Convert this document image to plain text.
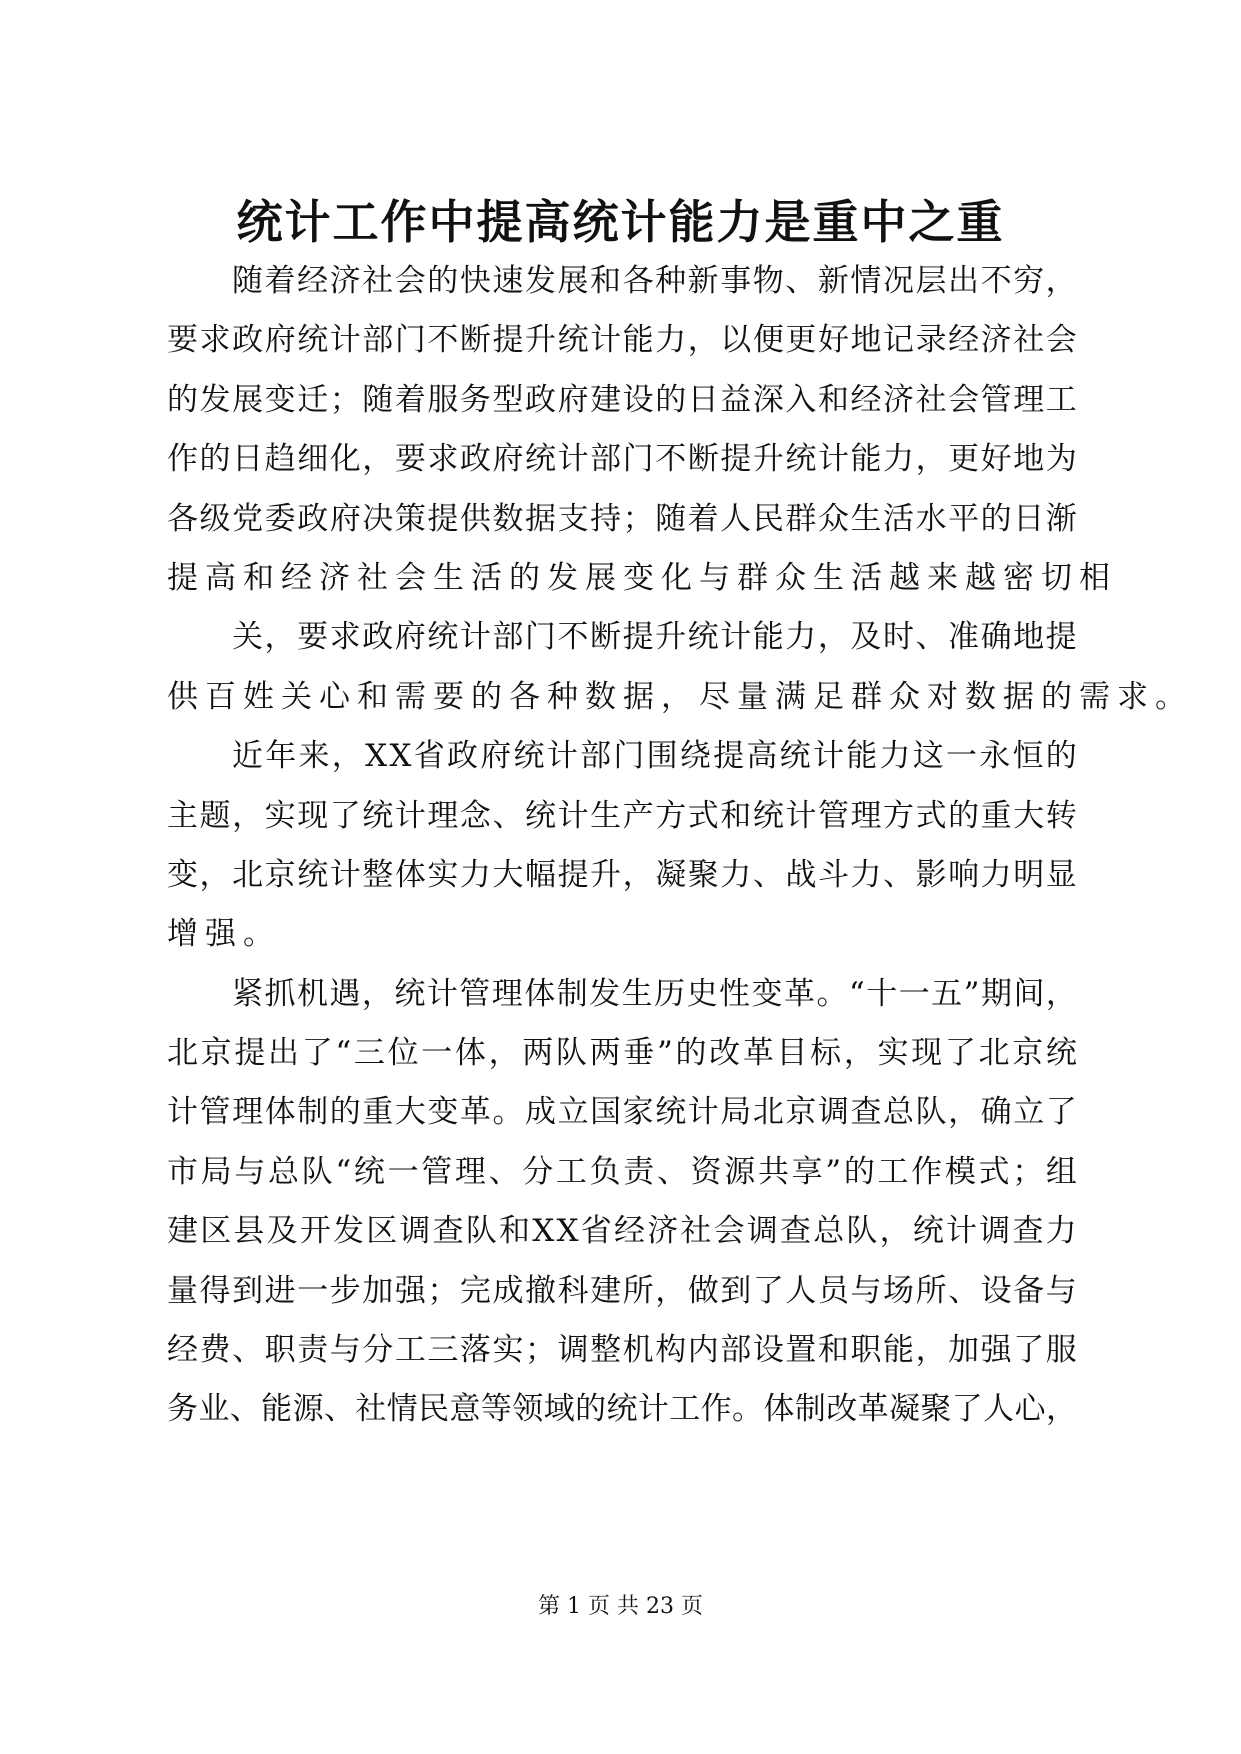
统计工作中提高统计能力是重中之重
随 着 经 济 社 会 的 快 速 发 展 和 各 种 新 事 物 、 新 情 况 层 出 不 穷 ，
要 求 政 府 统 计 部 门 不 断 提 升 统 计 能 力 ， 以 便 更 好 地 记 录 经 济 社 会
的 发 展 变 迁 ； 随 着 服 务 型 政 府 建 设 的 日 益 深 入 和 经 济 社 会 管 理 工
作 的 日 趋 细 化 ， 要 求 政 府 统 计 部 门 不 断 提 升 统 计 能 力 ， 更 好 地 为
各 级 党 委 政 府 决 策 提 供 数 据 支 持 ； 随 着 人 民 群 众 生 活 水 平 的 日 渐
提高和经济社会生活的发展变化与群众生活越来越密切相
关 ， 要 求 政 府 统 计 部 门 不 断 提 升 统 计 能 力 ， 及 时 、 准 确 地 提
供百姓关心和需要的各种数据，尽量满足群众对数据的需求。
近 年 来 ， X X 省 政 府 统 计 部 门 围 绕 提 高 统 计 能 力 这 一 永 恒 的
主 题 ， 实 现 了 统 计 理 念 、 统 计 生 产 方 式 和 统 计 管 理 方 式 的 重 大 转
变 ， 北 京 统 计 整 体 实 力 大 幅 提 升 ， 凝 聚 力 、 战 斗 力 、 影 响 力 明 显
增强。
紧 抓 机 遇 ， 统 计 管 理 体 制 发 生 历 史 性 变 革 。 “ 十 一 五 ” 期 间 ，
北 京 提 出 了 “ 三 位 一 体 ， 两 队 两 垂 ” 的 改 革 目 标 ， 实 现 了 北 京 统
计 管 理 体 制 的 重 大 变 革 。 成 立 国 家 统 计 局 北 京 调 查 总 队 ， 确 立 了
市 局 与 总 队 “ 统 一 管 理 、 分 工 负 责 、 资 源 共 享 ” 的 工 作 模 式 ； 组
建 区 县 及 开 发 区 调 查 队 和 X X 省 经 济 社 会 调 查 总 队 ， 统 计 调 查 力
量 得 到 进 一 步 加 强 ； 完 成 撤 科 建 所 ， 做 到 了 人 员 与 场 所 、 设 备 与
经 费 、 职 责 与 分 工 三 落 实 ； 调 整 机 构 内 部 设 置 和 职 能 ， 加 强 了 服
务 业 、 能 源 、 社 情 民 意 等 领 域 的 统 计 工 作 。 体 制 改 革 凝 聚 了 人 心 ，
第 1 页 共 23 页
